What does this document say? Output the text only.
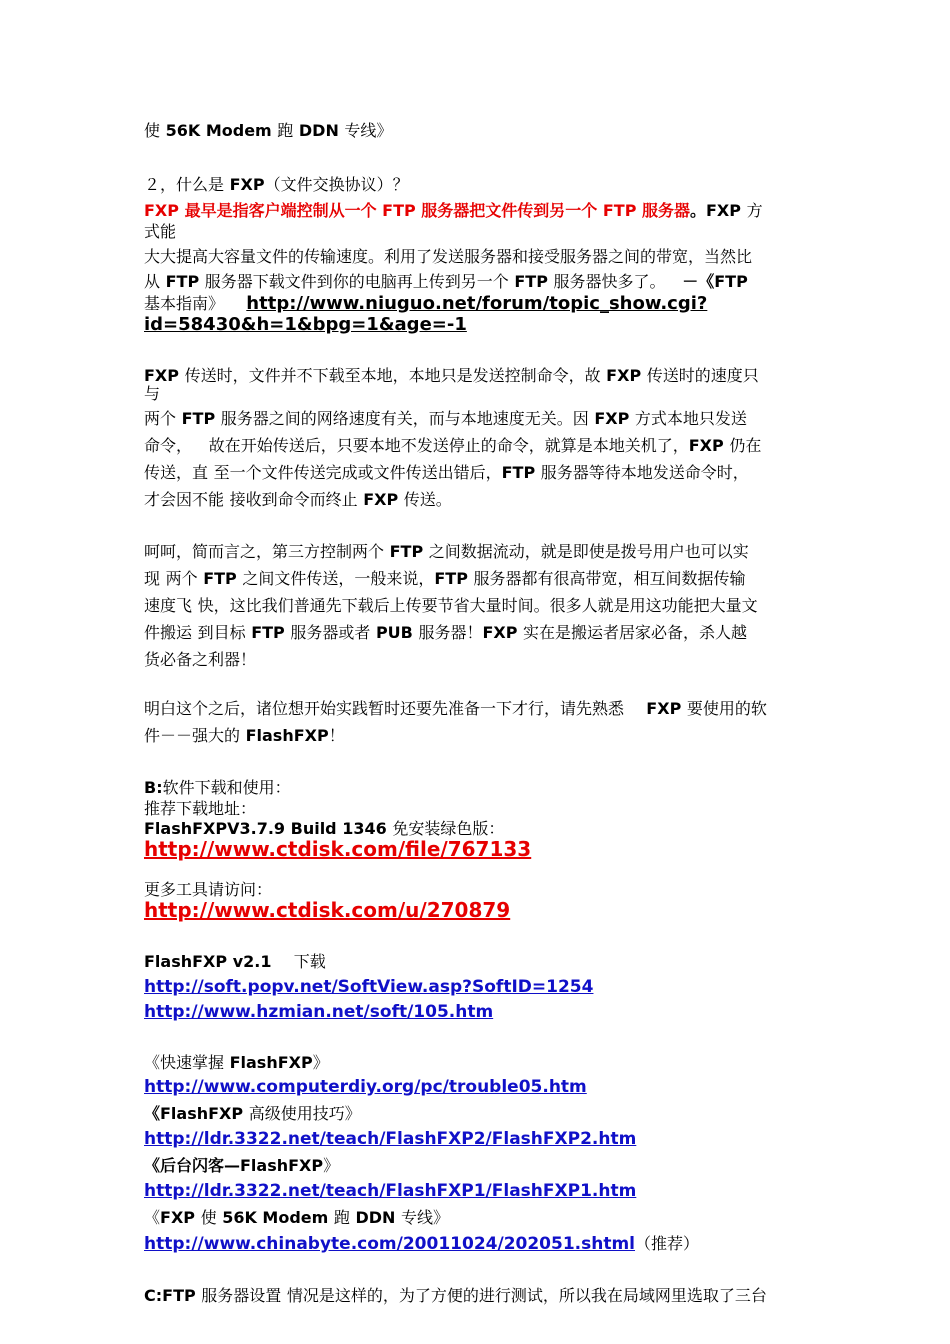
使 56K Modem 跑 DDN 专线》
２，什么是 FXP（文件交换协议）？
FXP 最早是指客户端控制从一个 FTP 服务器把文件传到另一个 FTP 服务器。FXP 方
式能
大大提高大容量文件的传输速度。利用了发送服务器和接受服务器之间的带宽，当然比
从 FTP 服务器下载文件到你的电脑再上传到另一个 FTP 服务器快多了。 －《FTP
基本指南》 http://www.niuguo.net/forum/topic_show.cgi?
id=58430&h=1&bpg=1&age=-1
FXP 传送时，文件并不下载至本地，本地只是发送控制命令，故 FXP 传送时的速度只
与
两个 FTP 服务器之间的网络速度有关，而与本地速度无关。因 FXP 方式本地只发送
命令， 故在开始传送后，只要本地不发送停止的命令，就算是本地关机了，FXP 仍在
传送，直 至一个文件传送完成或文件传送出错后，FTP 服务器等待本地发送命令时，
才会因不能 接收到命令而终止 FXP 传送。
呵呵，简而言之，第三方控制两个 FTP 之间数据流动，就是即使是拨号用户也可以实
现 两个 FTP 之间文件传送，一般来说，FTP 服务器都有很高带宽，相互间数据传输
速度飞 快，这比我们普通先下载后上传要节省大量时间。很多人就是用这功能把大量文
件搬运 到目标 FTP 服务器或者 PUB 服务器！FXP 实在是搬运者居家必备，杀人越
货必备之利器！
明白这个之后，诸位想开始实践暂时还要先准备一下才行，请先熟悉 FXP 要使用的软
件－－强大的 FlashFXP！
B:软件下载和使用：
推荐下载地址：
FlashFXPV3.7.9 Build 1346 免安装绿色版：
http://www.ctdisk.com/file/767133
更多工具请访问：
http://www.ctdisk.com/u/270879
FlashFXP v2.1 下载
http://soft.popv.net/SoftView.asp?SoftID=1254
http://www.hzmian.net/soft/105.htm
《快速掌握 FlashFXP》
http://www.computerdiy.org/pc/trouble05.htm
《FlashFXP 高级使用技巧》
http://ldr.3322.net/teach/FlashFXP2/FlashFXP2.htm
《后台闪客—FlashFXP》
http://ldr.3322.net/teach/FlashFXP1/FlashFXP1.htm
《FXP 使 56K Modem 跑 DDN 专线》
http://www.chinabyte.com/20011024/202051.shtml（推荐）
C:FTP 服务器设置 情况是这样的，为了方便的进行测试，所以我在局域网里选取了三台
